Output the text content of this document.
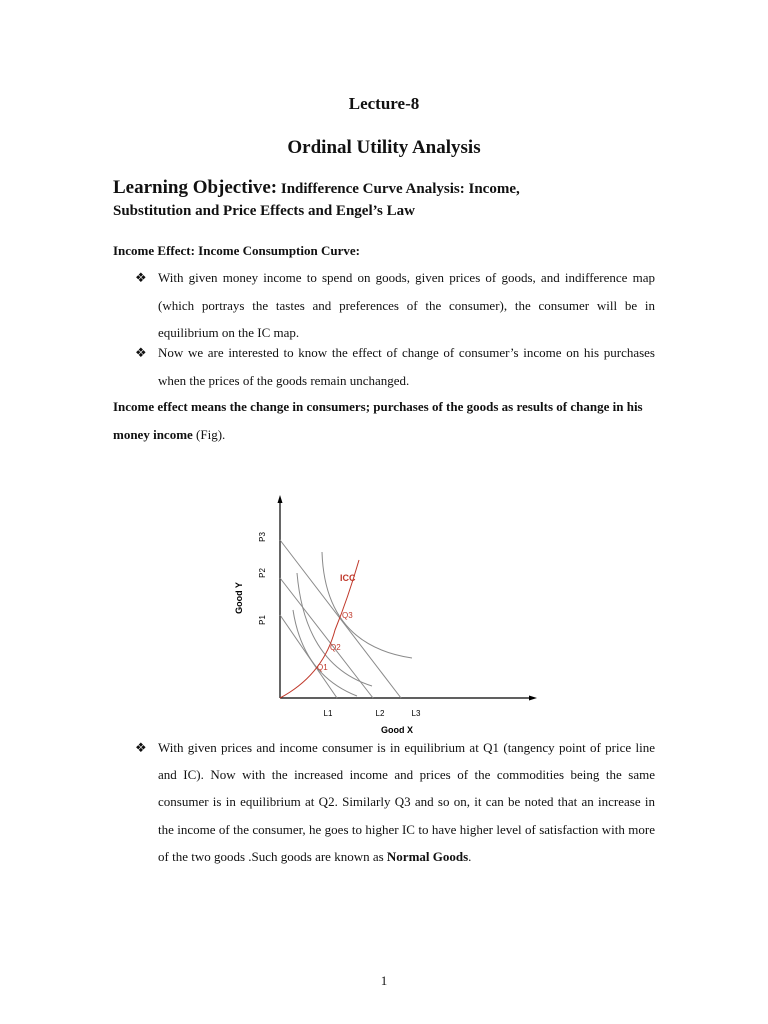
Lecture-8
Ordinal Utility Analysis
Learning Objective: Indifference Curve Analysis: Income,
Substitution and Price Effects and Engel’s Law
Income Effect: Income Consumption Curve:
❖ With given money income to spend on goods, given prices of goods, and indifference map (which portrays the tastes and preferences of the consumer), the consumer will be in equilibrium on the IC map.
❖ Now we are interested to know the effect of change of consumer’s income on his purchases when the prices of the goods remain unchanged.
Income effect means the change in consumers; purchases of the goods as results of change in his money income (Fig).
ICC
Q1
Q2
Q3
P1
P2
P3
Good Y
L1	L2	L3
Good X
❖ With given prices and income consumer is in equilibrium at Q1 (tangency point of price line and IC). Now with the increased income and prices of the commodities being the same consumer is in equilibrium at Q2. Similarly Q3 and so on, it can be noted that an increase in the income of the consumer, he goes to higher IC to have higher level of satisfaction with more of the two goods .Such goods are known as Normal Goods.
1
